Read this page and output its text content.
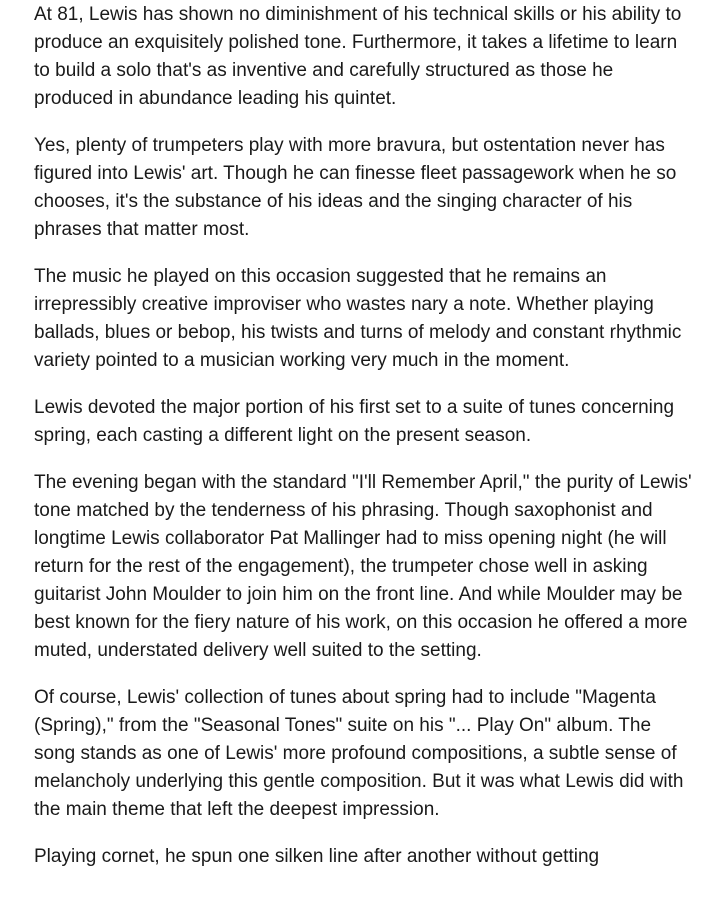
At 81, Lewis has shown no diminishment of his technical skills or his ability to produce an exquisitely polished tone. Furthermore, it takes a lifetime to learn to build a solo that's as inventive and carefully structured as those he produced in abundance leading his quintet.

Yes, plenty of trumpeters play with more bravura, but ostentation never has figured into Lewis' art. Though he can finesse fleet passagework when he so chooses, it's the substance of his ideas and the singing character of his phrases that matter most.

The music he played on this occasion suggested that he remains an irrepressibly creative improviser who wastes nary a note. Whether playing ballads, blues or bebop, his twists and turns of melody and constant rhythmic variety pointed to a musician working very much in the moment.

Lewis devoted the major portion of his first set to a suite of tunes concerning spring, each casting a different light on the present season.

The evening began with the standard "I'll Remember April," the purity of Lewis' tone matched by the tenderness of his phrasing. Though saxophonist and longtime Lewis collaborator Pat Mallinger had to miss opening night (he will return for the rest of the engagement), the trumpeter chose well in asking guitarist John Moulder to join him on the front line. And while Moulder may be best known for the fiery nature of his work, on this occasion he offered a more muted, understated delivery well suited to the setting.

Of course, Lewis' collection of tunes about spring had to include "Magenta (Spring)," from the "Seasonal Tones" suite on his "... Play On" album. The song stands as one of Lewis' more profound compositions, a subtle sense of melancholy underlying this gentle composition. But it was what Lewis did with the main theme that left the deepest impression.

Playing cornet, he spun one silken line after another without getting
